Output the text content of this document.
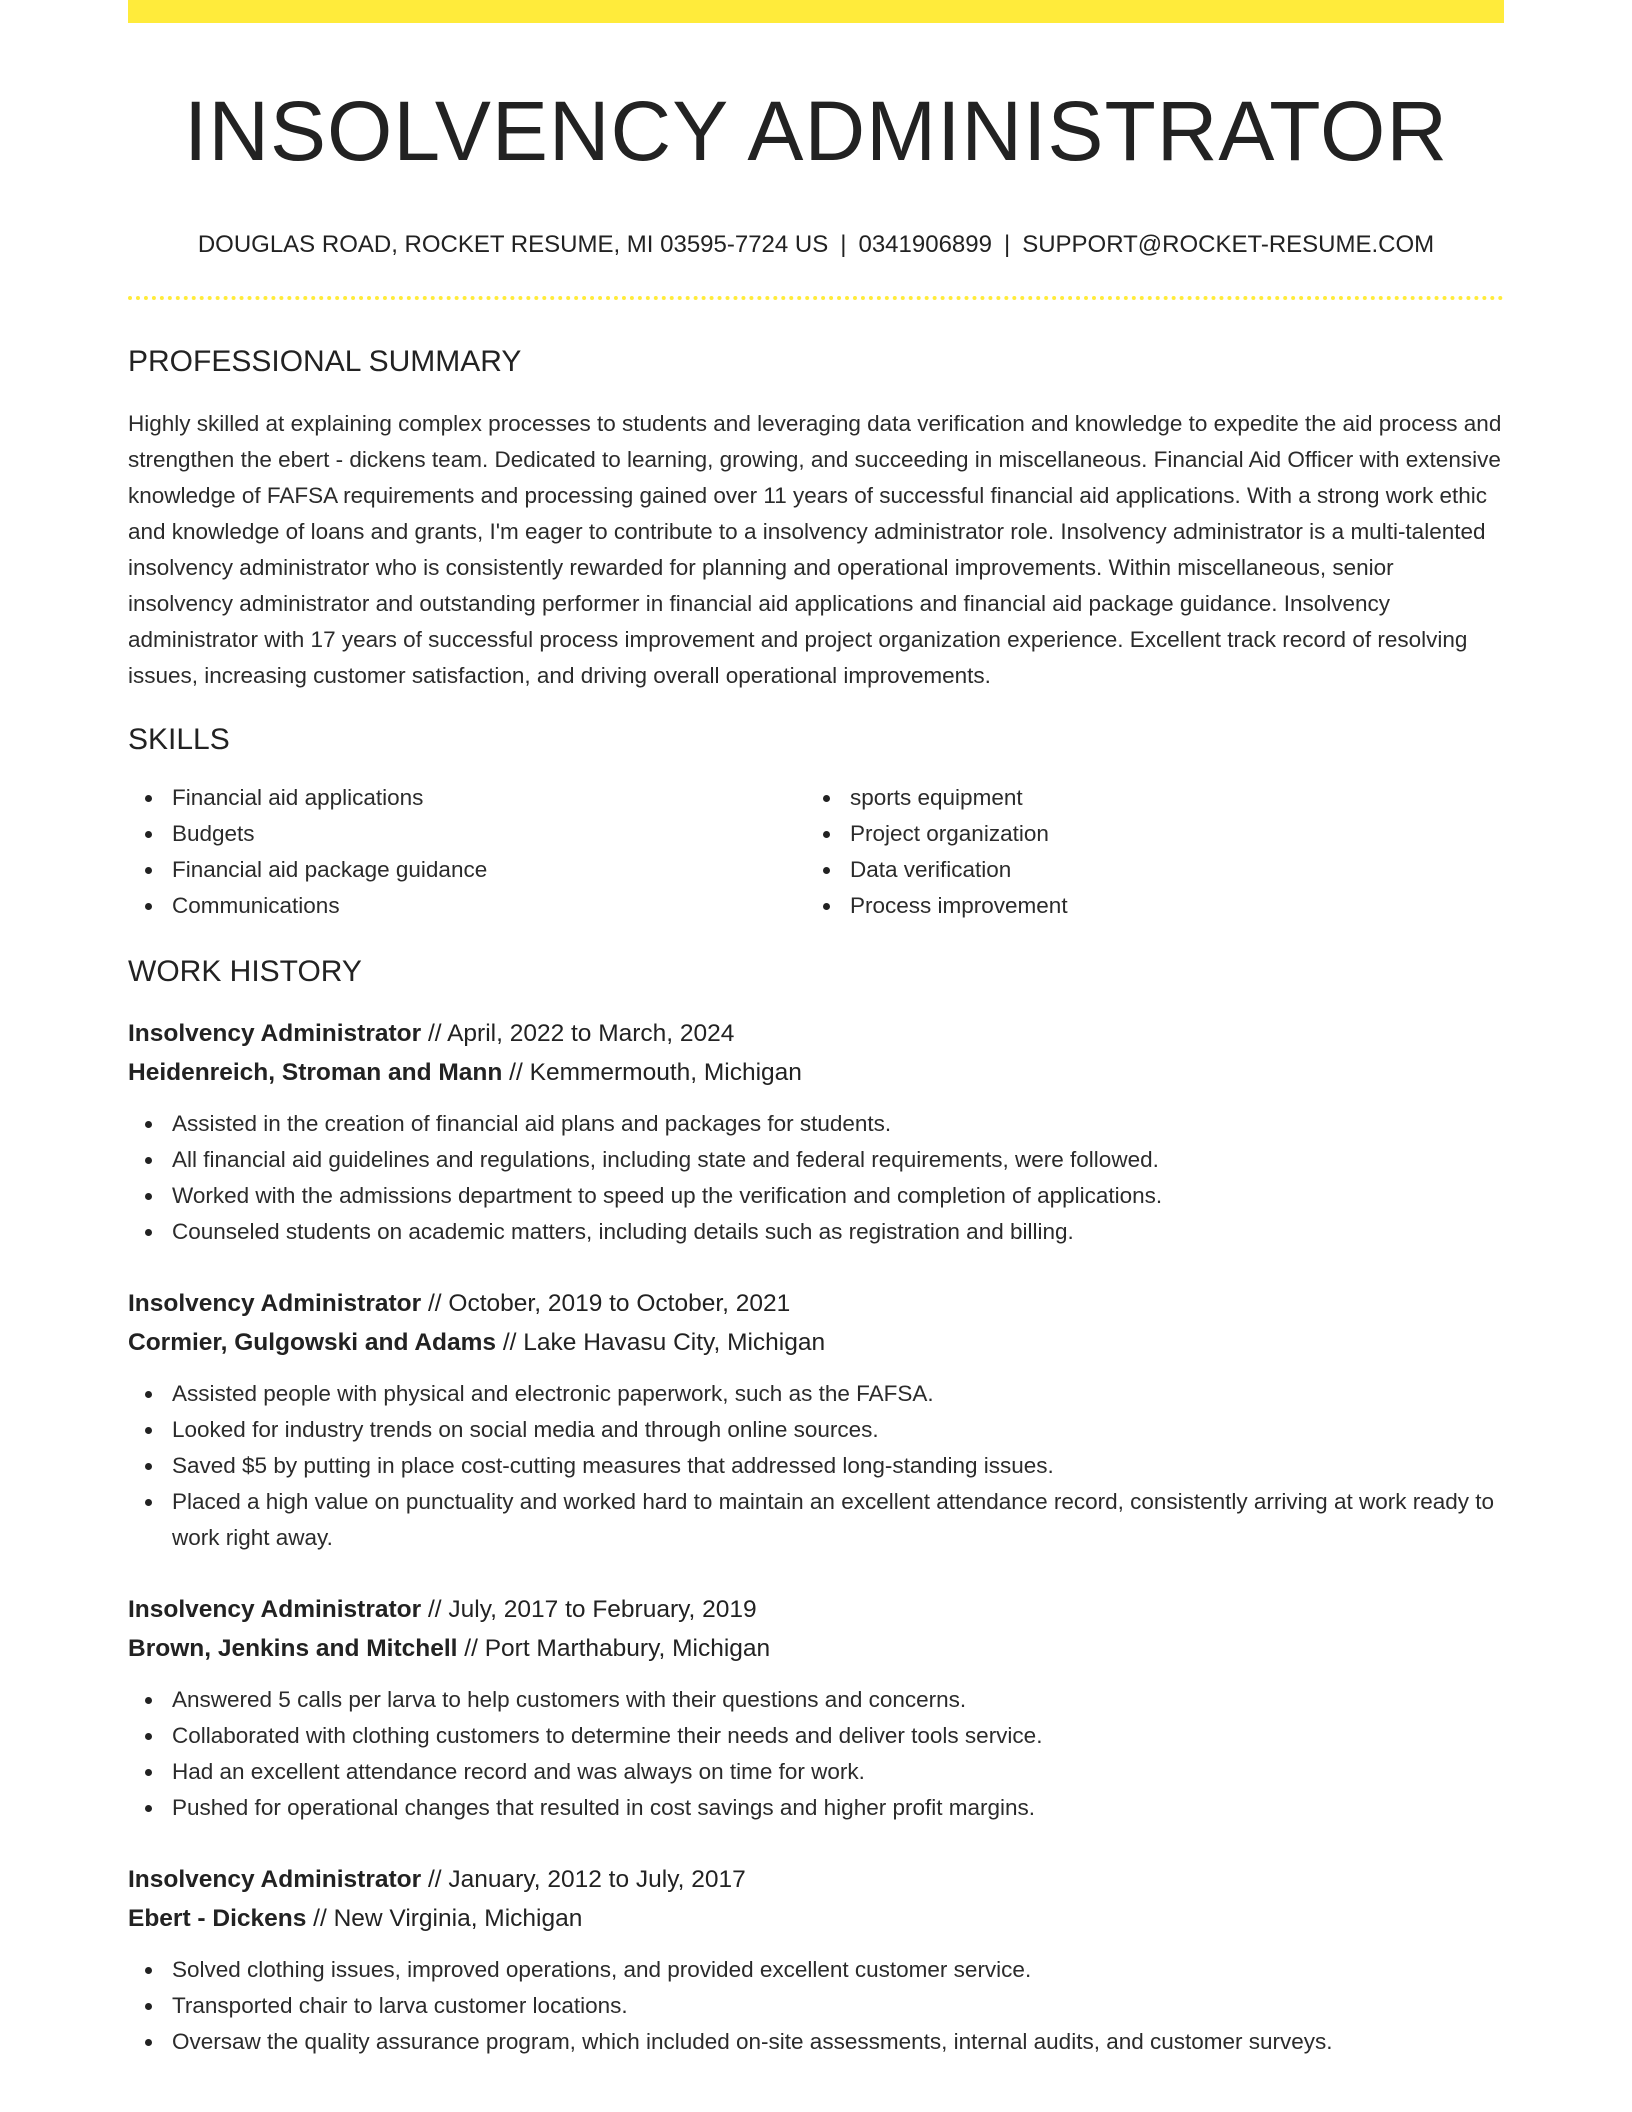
INSOLVENCY ADMINISTRATOR
DOUGLAS ROAD, ROCKET RESUME, MI 03595-7724 US | 0341906899 | SUPPORT@ROCKET-RESUME.COM
PROFESSIONAL SUMMARY
Highly skilled at explaining complex processes to students and leveraging data verification and knowledge to expedite the aid process and strengthen the ebert - dickens team. Dedicated to learning, growing, and succeeding in miscellaneous. Financial Aid Officer with extensive knowledge of FAFSA requirements and processing gained over 11 years of successful financial aid applications. With a strong work ethic and knowledge of loans and grants, I'm eager to contribute to a insolvency administrator role. Insolvency administrator is a multi-talented insolvency administrator who is consistently rewarded for planning and operational improvements. Within miscellaneous, senior insolvency administrator and outstanding performer in financial aid applications and financial aid package guidance. Insolvency administrator with 17 years of successful process improvement and project organization experience. Excellent track record of resolving issues, increasing customer satisfaction, and driving overall operational improvements.
SKILLS
Financial aid applications
Budgets
Financial aid package guidance
Communications
sports equipment
Project organization
Data verification
Process improvement
WORK HISTORY
Insolvency Administrator // April, 2022 to March, 2024
Heidenreich, Stroman and Mann // Kemmermouth, Michigan
Assisted in the creation of financial aid plans and packages for students.
All financial aid guidelines and regulations, including state and federal requirements, were followed.
Worked with the admissions department to speed up the verification and completion of applications.
Counseled students on academic matters, including details such as registration and billing.
Insolvency Administrator // October, 2019 to October, 2021
Cormier, Gulgowski and Adams // Lake Havasu City, Michigan
Assisted people with physical and electronic paperwork, such as the FAFSA.
Looked for industry trends on social media and through online sources.
Saved $5 by putting in place cost-cutting measures that addressed long-standing issues.
Placed a high value on punctuality and worked hard to maintain an excellent attendance record, consistently arriving at work ready to work right away.
Insolvency Administrator // July, 2017 to February, 2019
Brown, Jenkins and Mitchell // Port Marthabury, Michigan
Answered 5 calls per larva to help customers with their questions and concerns.
Collaborated with clothing customers to determine their needs and deliver tools service.
Had an excellent attendance record and was always on time for work.
Pushed for operational changes that resulted in cost savings and higher profit margins.
Insolvency Administrator // January, 2012 to July, 2017
Ebert - Dickens // New Virginia, Michigan
Solved clothing issues, improved operations, and provided excellent customer service.
Transported chair to larva customer locations.
Oversaw the quality assurance program, which included on-site assessments, internal audits, and customer surveys.
